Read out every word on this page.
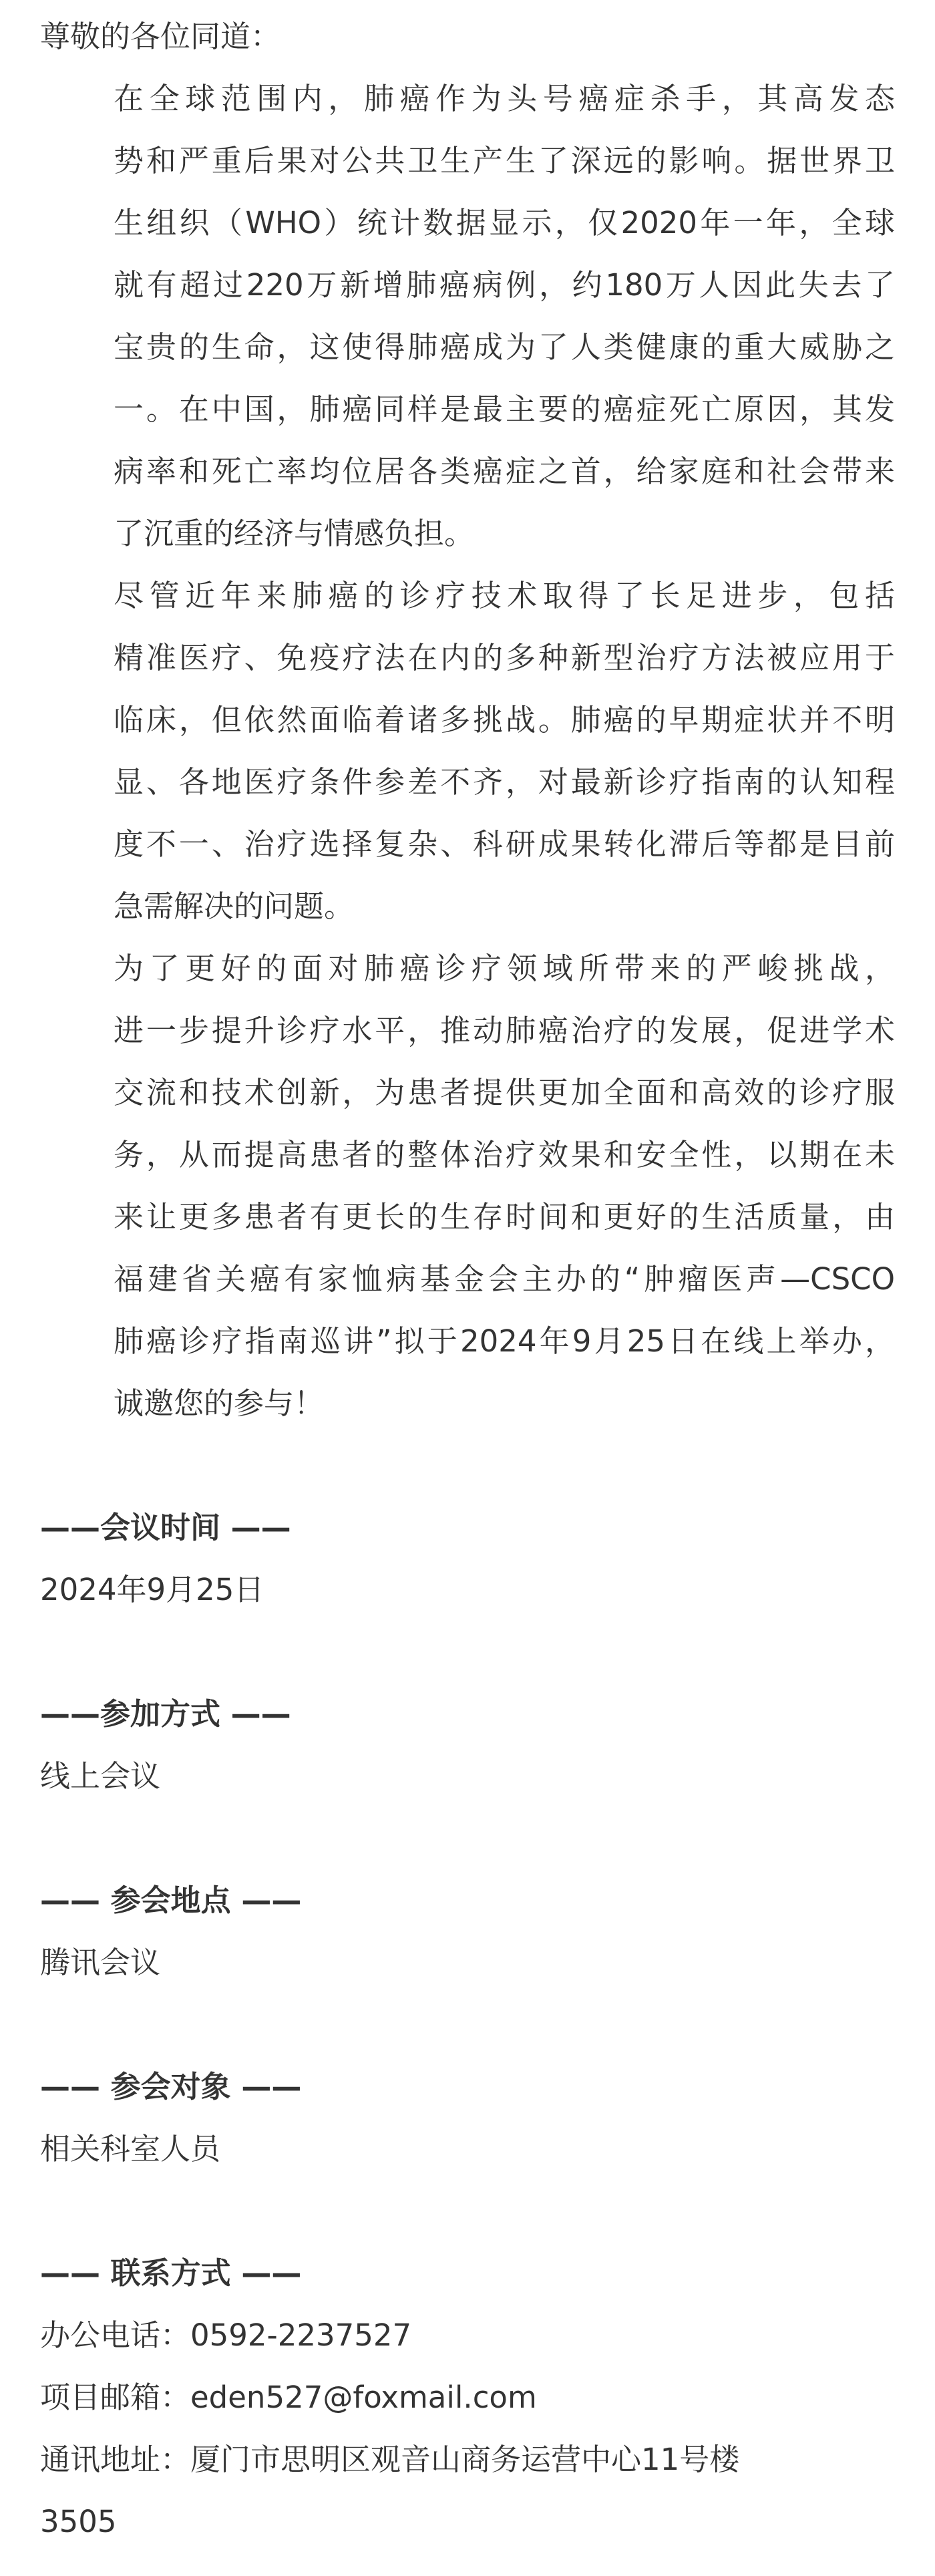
尊敬的各位同道：

在全球范围内，肺癌作为头号癌症杀手，其高发态
势和严重后果对公共卫生产生了深远的影响。据世界卫
生组织（WHO）统计数据显示，仅2020年一年，全球
就有超过220万新增肺癌病例，约180万人因此失去了
宝贵的生命，这使得肺癌成为了人类健康的重大威胁之
一。在中国，肺癌同样是最主要的癌症死亡原因，其发
病率和死亡率均位居各类癌症之首，给家庭和社会带来
了沉重的经济与情感负担。
尽管近年来肺癌的诊疗技术取得了长足进步，包括
精准医疗、免疫疗法在内的多种新型治疗方法被应用于
临床，但依然面临着诸多挑战。肺癌的早期症状并不明
显、各地医疗条件参差不齐，对最新诊疗指南的认知程
度不一、治疗选择复杂、科研成果转化滞后等都是目前
急需解决的问题。
为了更好的面对肺癌诊疗领域所带来的严峻挑战，
进一步提升诊疗水平，推动肺癌治疗的发展，促进学术
交流和技术创新，为患者提供更加全面和高效的诊疗服
务，从而提高患者的整体治疗效果和安全性，以期在未
来让更多患者有更长的生存时间和更好的生活质量，由
福建省关癌有家恤病基金会主办的“肿瘤医声—CSCO
肺癌诊疗指南巡讲”拟于2024年9月25日在线上举办，
诚邀您的参与！

——会议时间 ——

2024年9月25日

——参加方式 ——

线上会议

—— 参会地点 ——

腾讯会议

—— 参会对象 ——

相关科室人员

—— 联系方式 ——

办公电话：0592-2237527
项目邮箱：eden527@foxmail.com
通讯地址：厦门市思明区观音山商务运营中心11号楼
3505
